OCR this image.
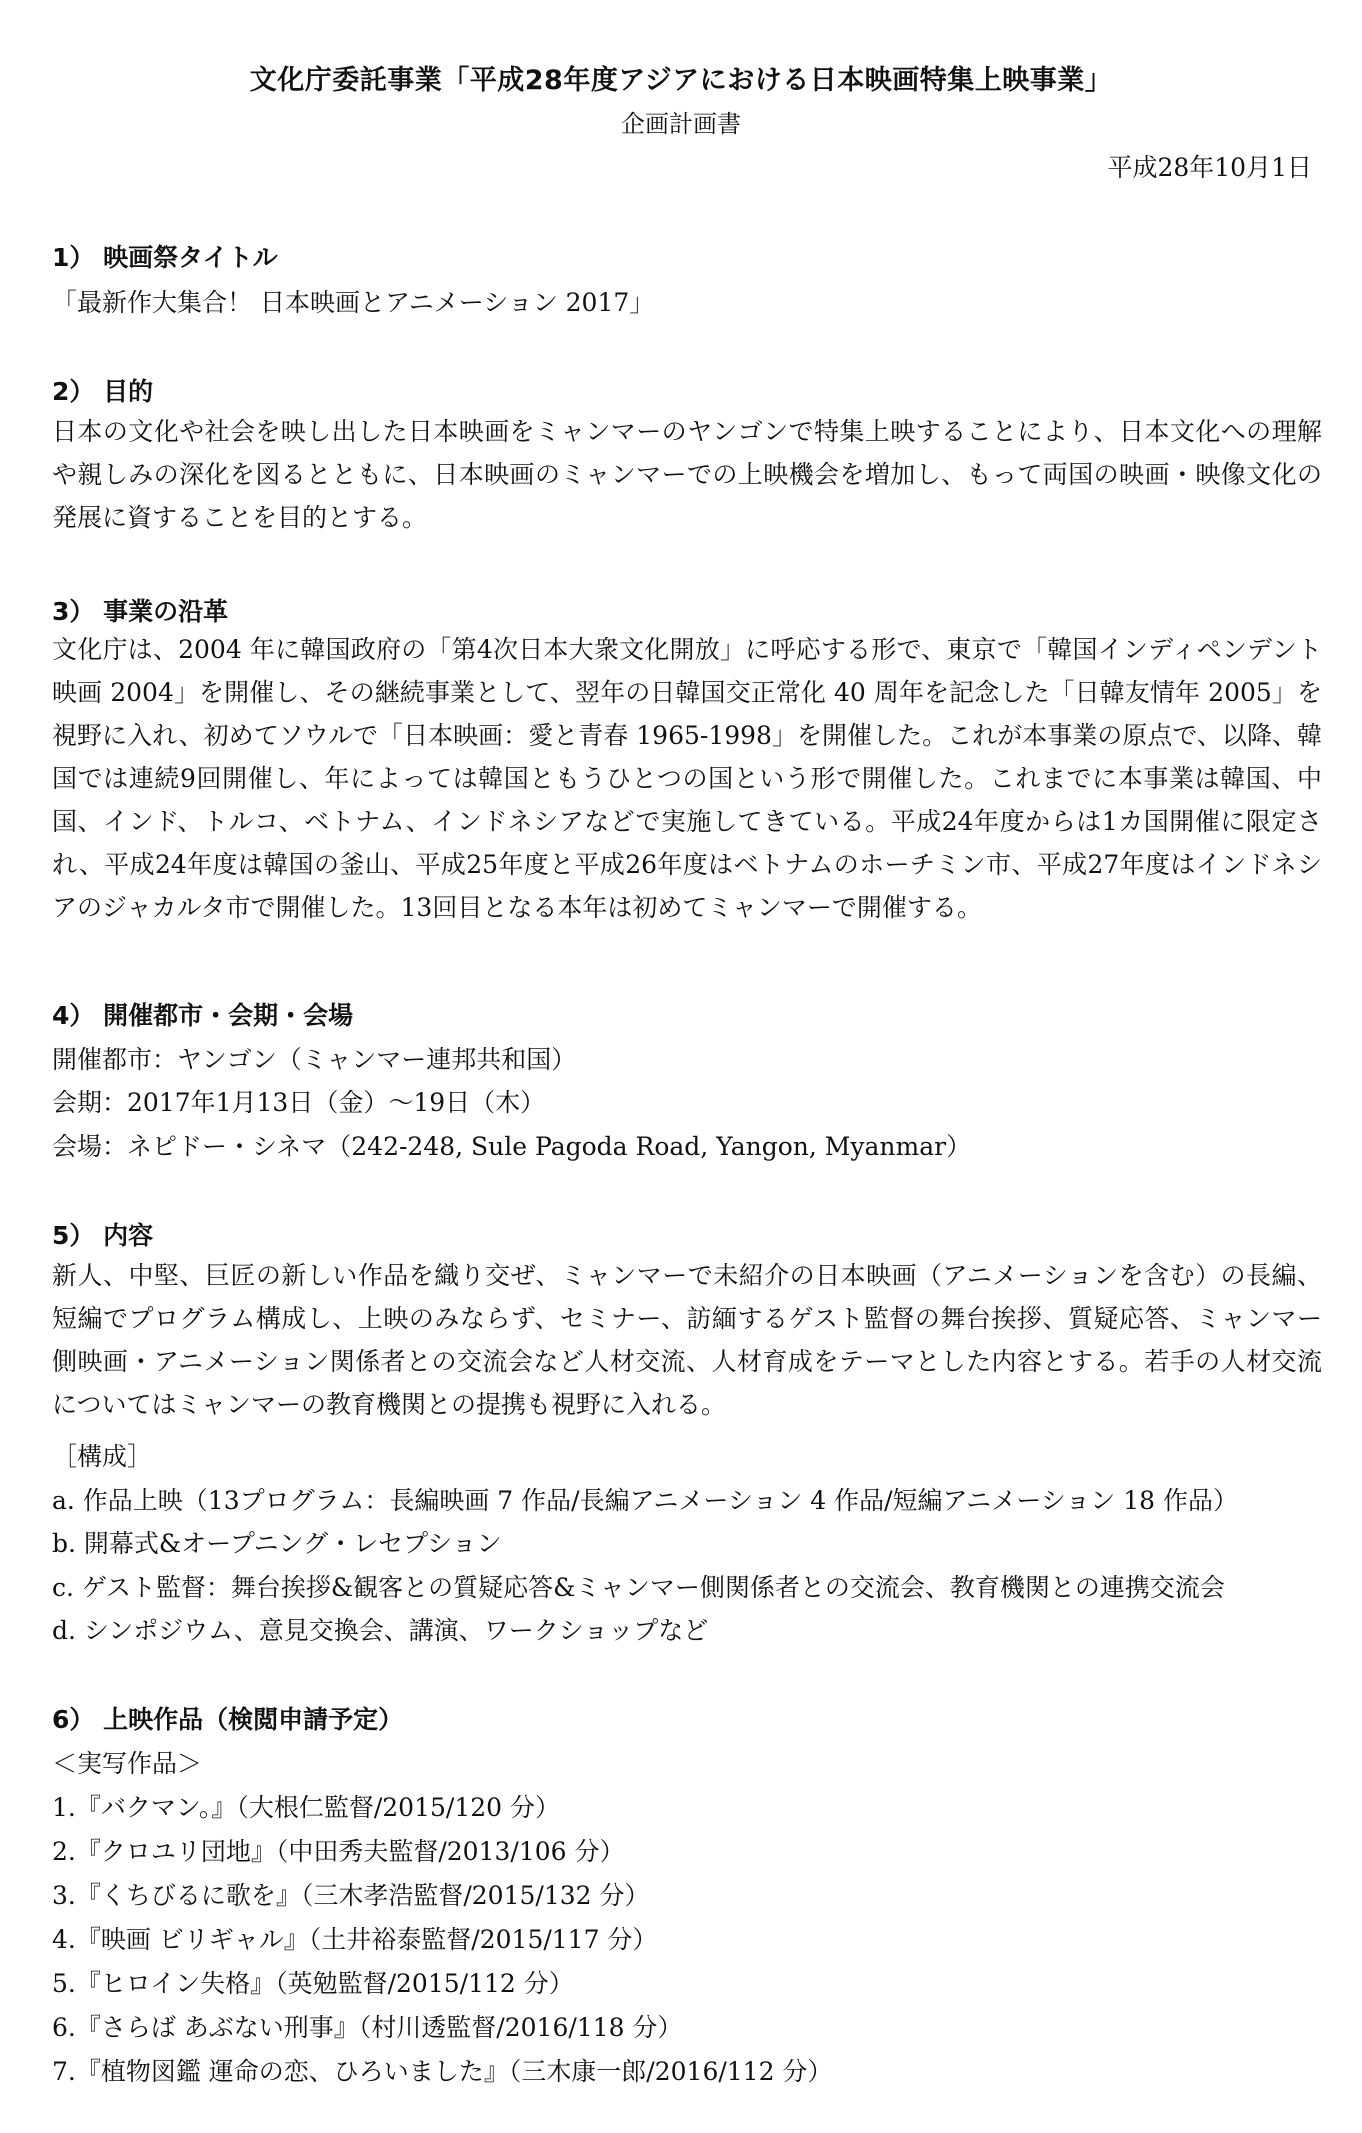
文化庁委託事業「平成28年度アジアにおける日本映画特集上映事業」
企画計画書
平成28年10月1日
1） 映画祭タイトル
「最新作大集合！ 日本映画とアニメーション 2017」
2） 目的
日本の文化や社会を映し出した日本映画をミャンマーのヤンゴンで特集上映することにより、日本文化への理解や親しみの深化を図るとともに、日本映画のミャンマーでの上映機会を増加し、もって両国の映画・映像文化の発展に資することを目的とする。
3） 事業の沿革
文化庁は、2004 年に韓国政府の「第4次日本大衆文化開放」に呼応する形で、東京で「韓国インディペンデント映画 2004」を開催し、その継続事業として、翌年の日韓国交正常化 40 周年を記念した「日韓友情年 2005」を視野に入れ、初めてソウルで「日本映画：愛と青春 1965-1998」を開催した。これが本事業の原点で、以降、韓国では連続9回開催し、年によっては韓国ともうひとつの国という形で開催した。これまでに本事業は韓国、中国、インド、トルコ、ベトナム、インドネシアなどで実施してきている。平成24年度からは1カ国開催に限定され、平成24年度は韓国の釜山、平成25年度と平成26年度はベトナムのホーチミン市、平成27年度はインドネシアのジャカルタ市で開催した。13回目となる本年は初めてミャンマーで開催する。
4） 開催都市・会期・会場
開催都市：ヤンゴン（ミャンマー連邦共和国）
会期：2017年1月13日（金）～19日（木）
会場：ネピドー・シネマ（242-248, Sule Pagoda Road, Yangon, Myanmar）
5） 内容
新人、中堅、巨匠の新しい作品を織り交ぜ、ミャンマーで未紹介の日本映画（アニメーションを含む）の長編、短編でプログラム構成し、上映のみならず、セミナー、訪緬するゲスト監督の舞台挨拶、質疑応答、ミャンマー側映画・アニメーション関係者との交流会など人材交流、人材育成をテーマとした内容とする。若手の人材交流についてはミャンマーの教育機関との提携も視野に入れる。
［構成］
a. 作品上映（13プログラム：長編映画 7 作品/長編アニメーション 4 作品/短編アニメーション 18 作品）
b. 開幕式&オープニング・レセプション
c. ゲスト監督：舞台挨拶&観客との質疑応答&ミャンマー側関係者との交流会、教育機関との連携交流会
d. シンポジウム、意見交換会、講演、ワークショップなど
6） 上映作品（検閲申請予定）
＜実写作品＞
1.『バクマン。』（大根仁監督/2015/120 分）
2.『クロユリ団地』（中田秀夫監督/2013/106 分）
3.『くちびるに歌を』（三木孝浩監督/2015/132 分）
4.『映画 ビリギャル』（土井裕泰監督/2015/117 分）
5.『ヒロイン失格』（英勉監督/2015/112 分）
6.『さらば あぶない刑事』（村川透監督/2016/118 分）
7.『植物図鑑 運命の恋、ひろいました』（三木康一郎/2016/112 分）
